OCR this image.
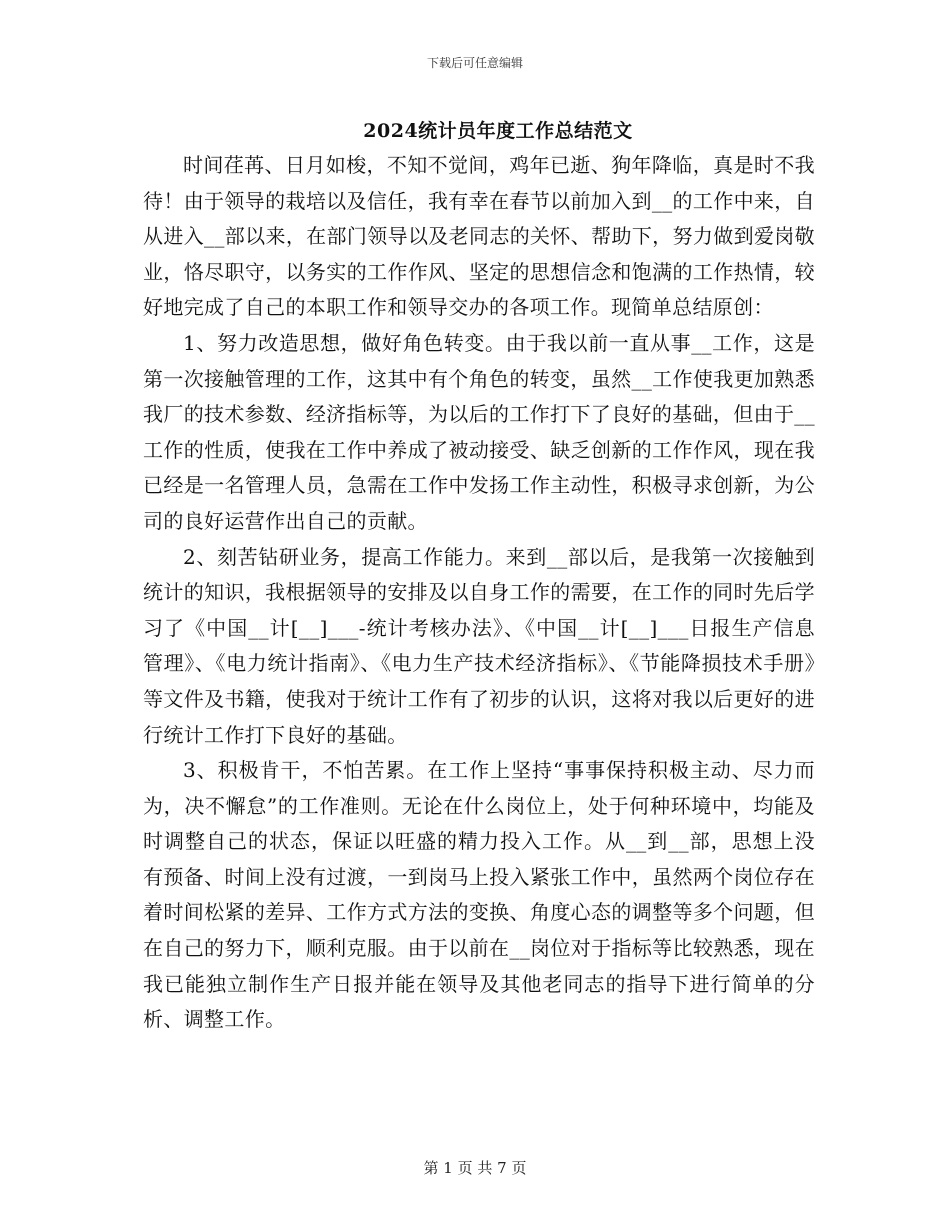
下载后可任意编辑
2024统计员年度工作总结范文

时间荏苒、日月如梭，不知不觉间，鸡年已逝、狗年降临，真是时不我待！由于领导的栽培以及信任，我有幸在春节以前加入到__的工作中来，自从进入__部以来，在部门领导以及老同志的关怀、帮助下，努力做到爱岗敬业，恪尽职守，以务实的工作作风、坚定的思想信念和饱满的工作热情，较好地完成了自己的本职工作和领导交办的各项工作。现简单总结原创：

1、努力改造思想，做好角色转变。由于我以前一直从事__工作，这是第一次接触管理的工作，这其中有个角色的转变，虽然__工作使我更加熟悉我厂的技术参数、经济指标等，为以后的工作打下了良好的基础，但由于__工作的性质，使我在工作中养成了被动接受、缺乏创新的工作作风，现在我已经是一名管理人员，急需在工作中发扬工作主动性，积极寻求创新，为公司的良好运营作出自己的贡献。

2、刻苦钻研业务，提高工作能力。来到__部以后，是我第一次接触到统计的知识，我根据领导的安排及以自身工作的需要，在工作的同时先后学习了《中国__计[__]___-统计考核办法》、《中国__计[__]___日报生产信息管理》、《电力统计指南》、《电力生产技术经济指标》、《节能降损技术手册》等文件及书籍，使我对于统计工作有了初步的认识，这将对我以后更好的进行统计工作打下良好的基础。

3、积极肯干，不怕苦累。在工作上坚持“事事保持积极主动、尽力而为，决不懈怠”的工作准则。无论在什么岗位上，处于何种环境中，均能及时调整自己的状态，保证以旺盛的精力投入工作。从__到__部，思想上没有预备、时间上没有过渡，一到岗马上投入紧张工作中，虽然两个岗位存在着时间松紧的差异、工作方式方法的变换、角度心态的调整等多个问题，但在自己的努力下，顺利克服。由于以前在__岗位对于指标等比较熟悉，现在我已能独立制作生产日报并能在领导及其他老同志的指导下进行简单的分析、调整工作。

第 1 页 共 7 页
